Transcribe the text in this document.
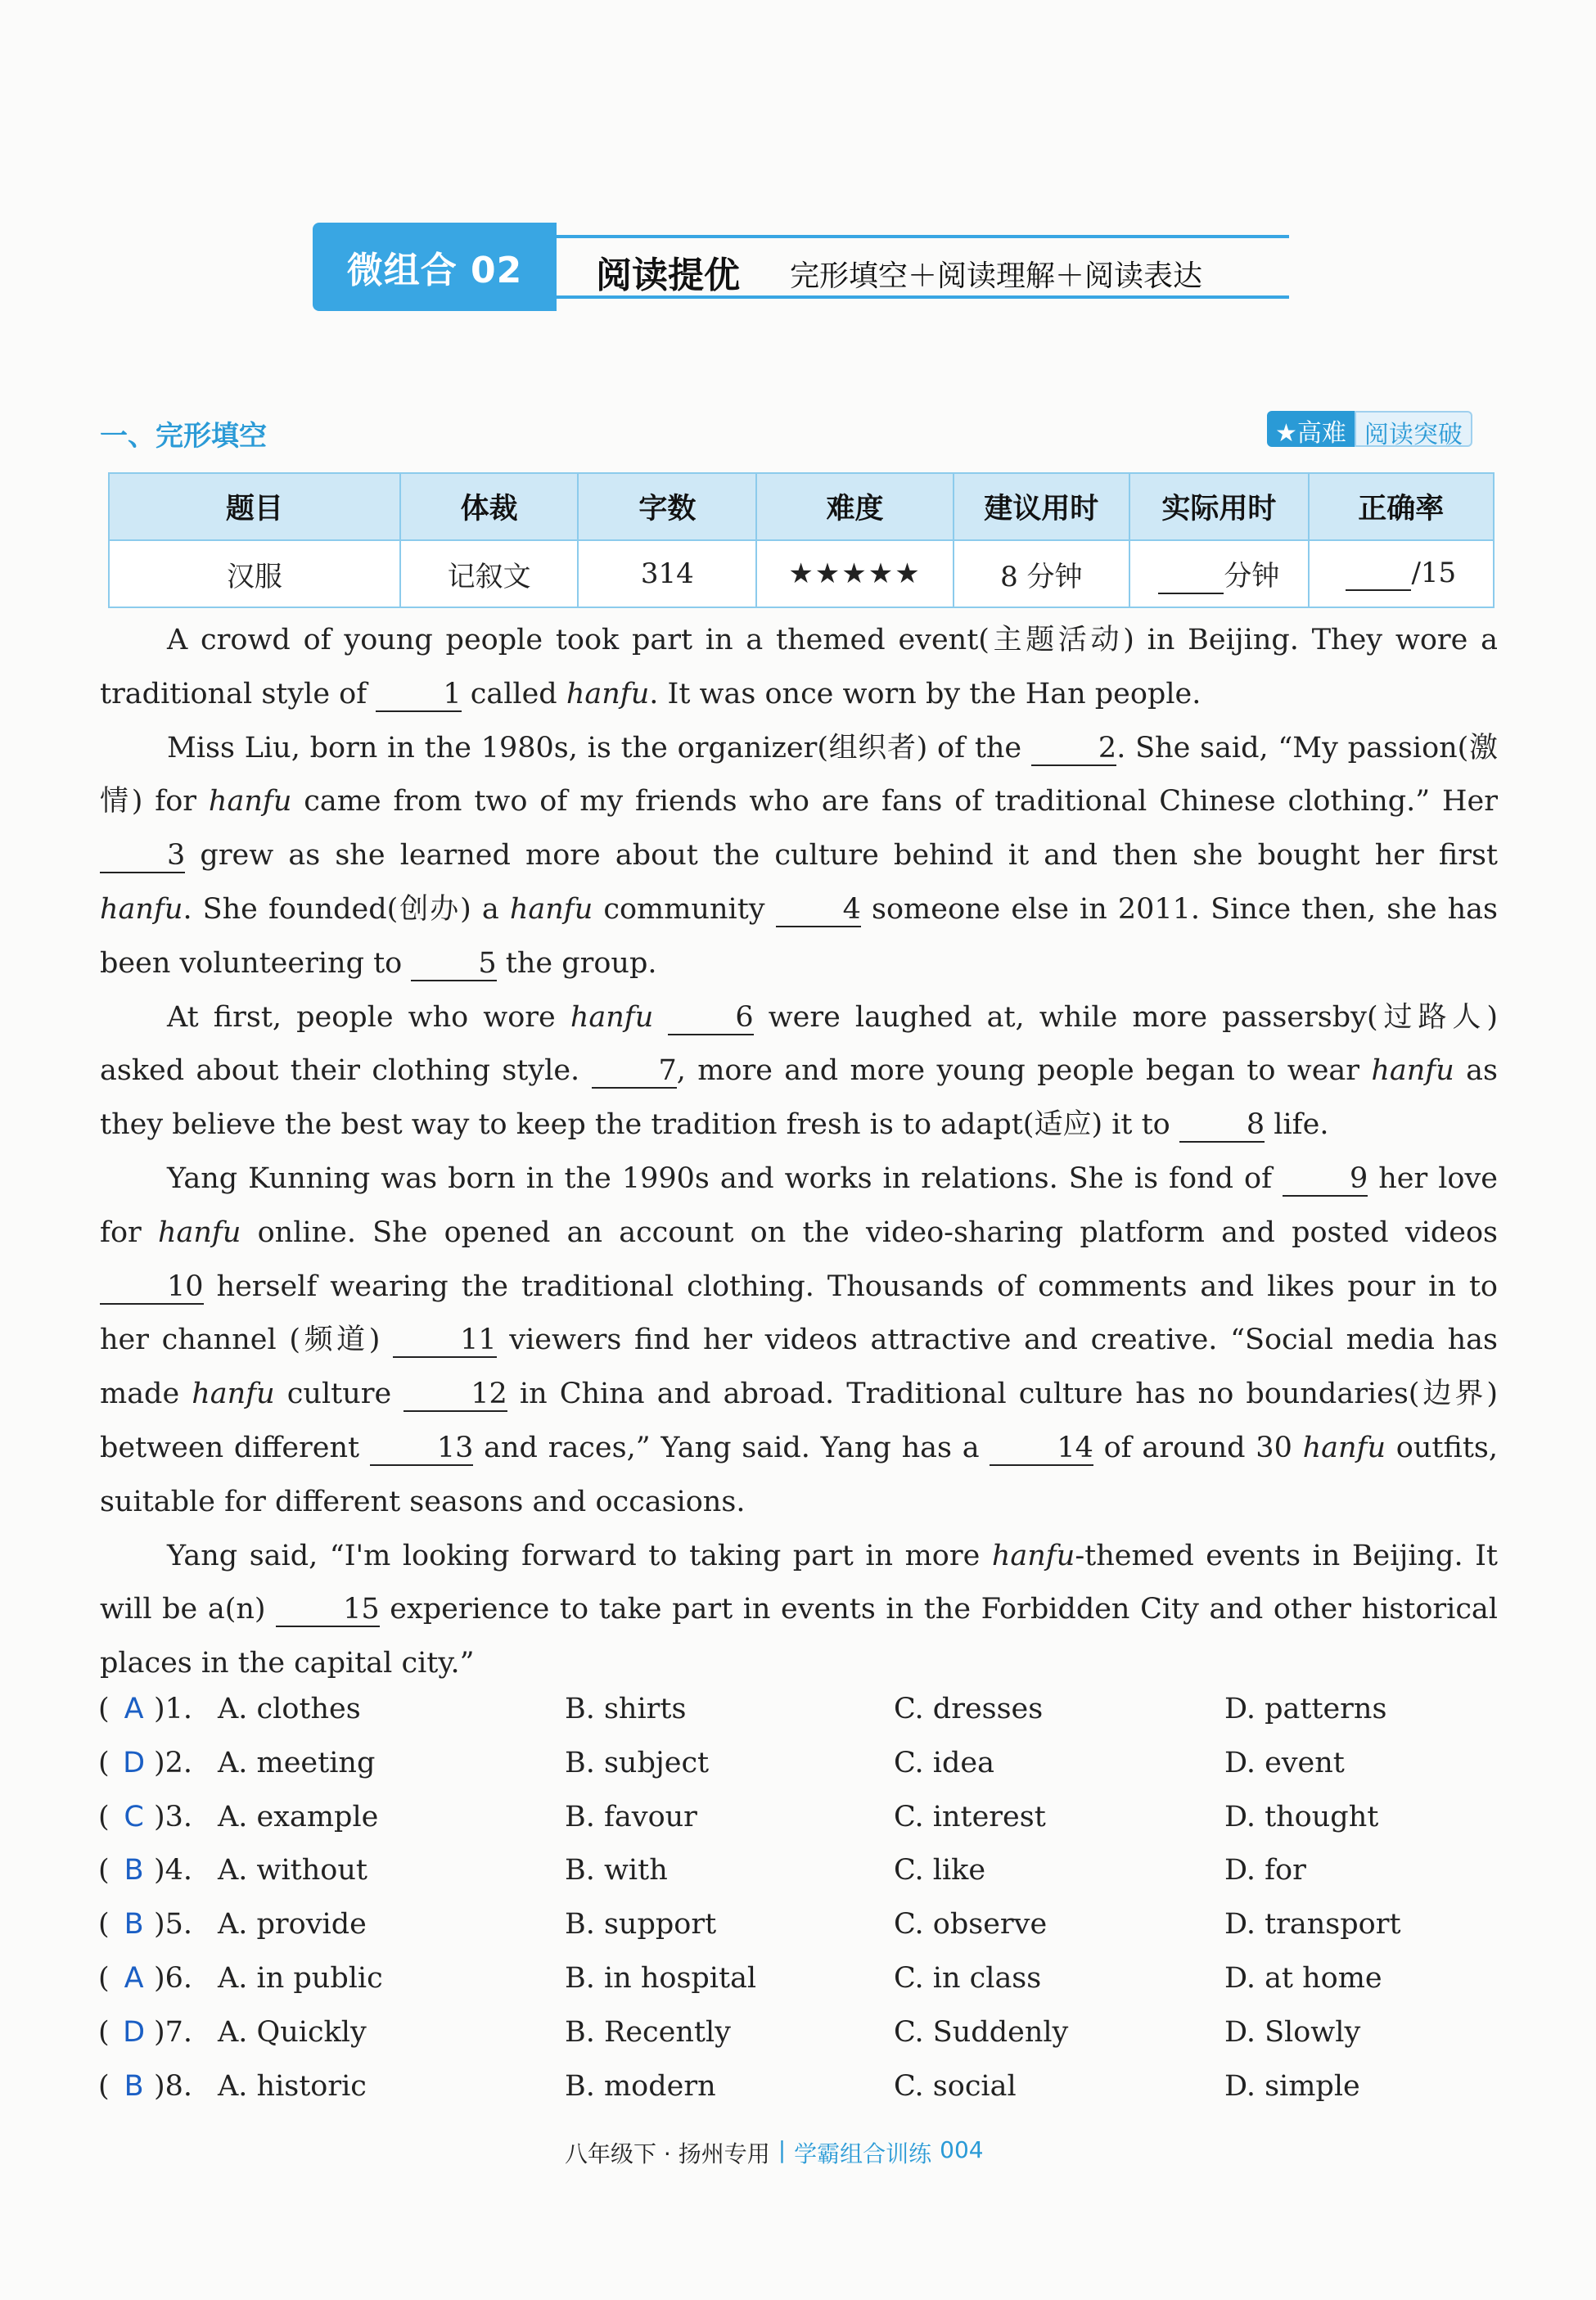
微组合 02	阅读提优 完形填空＋阅读理解＋阅读表达
一、完形填空	★高难 阅读突破
题目	体裁	字数	难度	建议用时	实际用时	正确率
汉服	记叙文	314	★★★★★	8 分钟	分钟	/15

A crowd of young people took part in a themed event(主题活动) in Beijing. They wore a traditional style of 1 called hanfu. It was once worn by the Han people.

Miss Liu, born in the 1980s, is the organizer(组织者) of the 2. She said, “My passion(激情) for hanfu came from two of my friends who are fans of traditional Chinese clothing.” Her 3 grew as she learned more about the culture behind it and then she bought her first hanfu. She founded(创办) a hanfu community 4 someone else in 2011. Since then, she has been volunteering to 5 the group.

At first, people who wore hanfu	6 were laughed at, while more passersby(过路人) asked about their clothing style. 7, more and more young people began to wear hanfu as they believe the best way to keep the tradition fresh is to adapt(适应) it to 8 life.

Yang Kunning was born in the 1990s and works in relations. She is fond of 9 her love for hanfu online. She opened an account on the video-sharing platform and posted videos 10 herself wearing the traditional clothing. Thousands of comments and likes pour in to her channel (频道) 11 viewers find her videos attractive and creative. “Social media has made hanfu culture 12 in China and abroad. Traditional culture has no boundaries(边界) between different 13 and races,” Yang said. Yang has a 14 of around 30 hanfu outfits, suitable for different seasons and occasions.

Yang said, “I'm looking forward to taking part in more hanfu-themed events in Beijing. It will be a(n) 15 experience to take part in events in the Forbidden City and other historical places in the capital city.”

( A )1. A. clothes	B. shirts	C. dresses	D. patterns
( D )2. A. meeting	B. subject	C. idea	D. event
( C )3. A. example	B. favour	C. interest	D. thought
( B )4. A. without	B. with	C. like	D. for
( B )5. A. provide	B. support	C. observe	D. transport
( A )6. A. in public	B. in hospital	C. in class	D. at home
( D )7. A. Quickly	B. Recently	C. Suddenly	D. Slowly
( B )8. A. historic	B. modern	C. social	D. simple
八年级下 · 扬州专用 | 学霸组合训练 004
